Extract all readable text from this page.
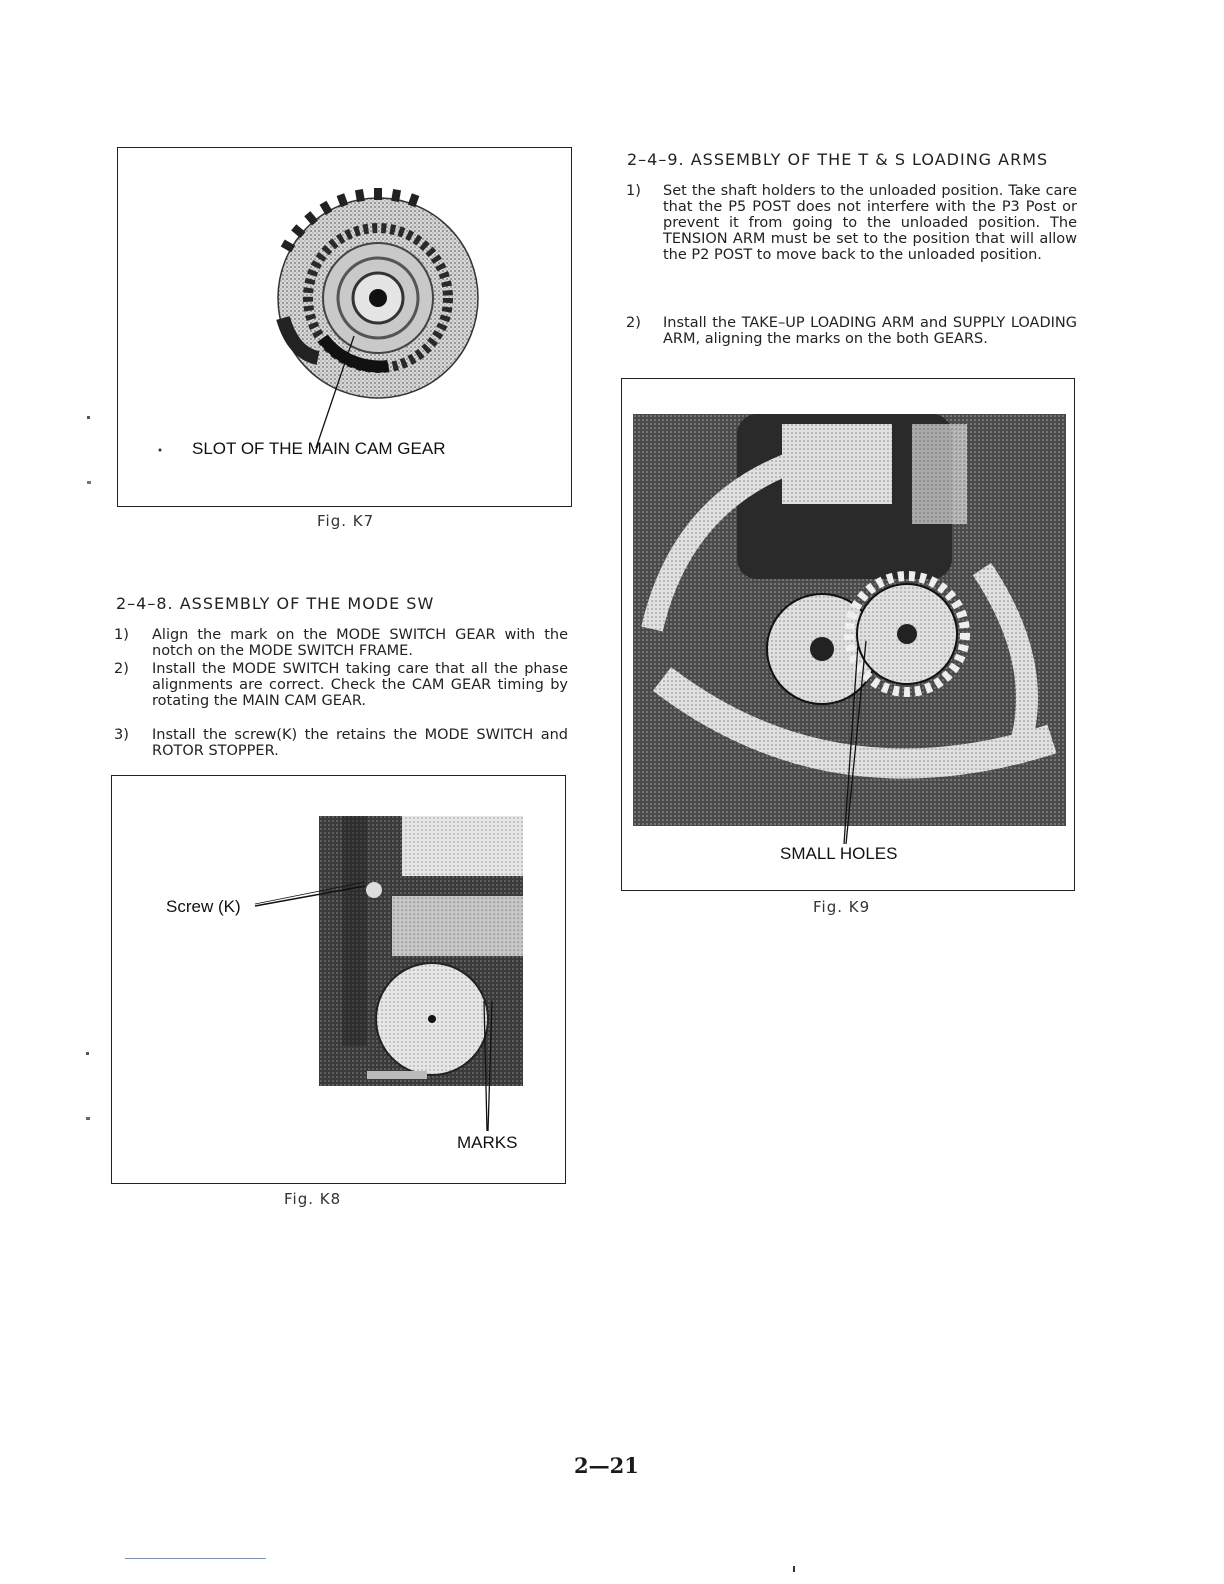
SLOT OF THE MAIN CAM GEAR
Fig. K7
2–4–8. ASSEMBLY OF THE MODE SW
1) Align the mark on the MODE SWITCH GEAR with the notch on the MODE SWITCH FRAME.
2) Install the MODE SWITCH taking care that all the phase alignments are correct. Check the CAM GEAR timing by rotating the MAIN CAM GEAR.
3) Install the screw(K) the retains the MODE SWITCH and ROTOR STOPPER.
Screw (K)
MARKS
Fig. K8
2–4–9. ASSEMBLY OF THE T & S LOADING ARMS
1) Set the shaft holders to the unloaded position. Take care that the P5 POST does not interfere with the P3 Post or prevent it from going to the unloaded position. The TENSION ARM must be set to the position that will allow the P2 POST to move back to the unloaded position.
2) Install the TAKE–UP LOADING ARM and SUPPLY LOADING ARM, aligning the marks on the both GEARS.
SMALL HOLES
Fig. K9
2—21
